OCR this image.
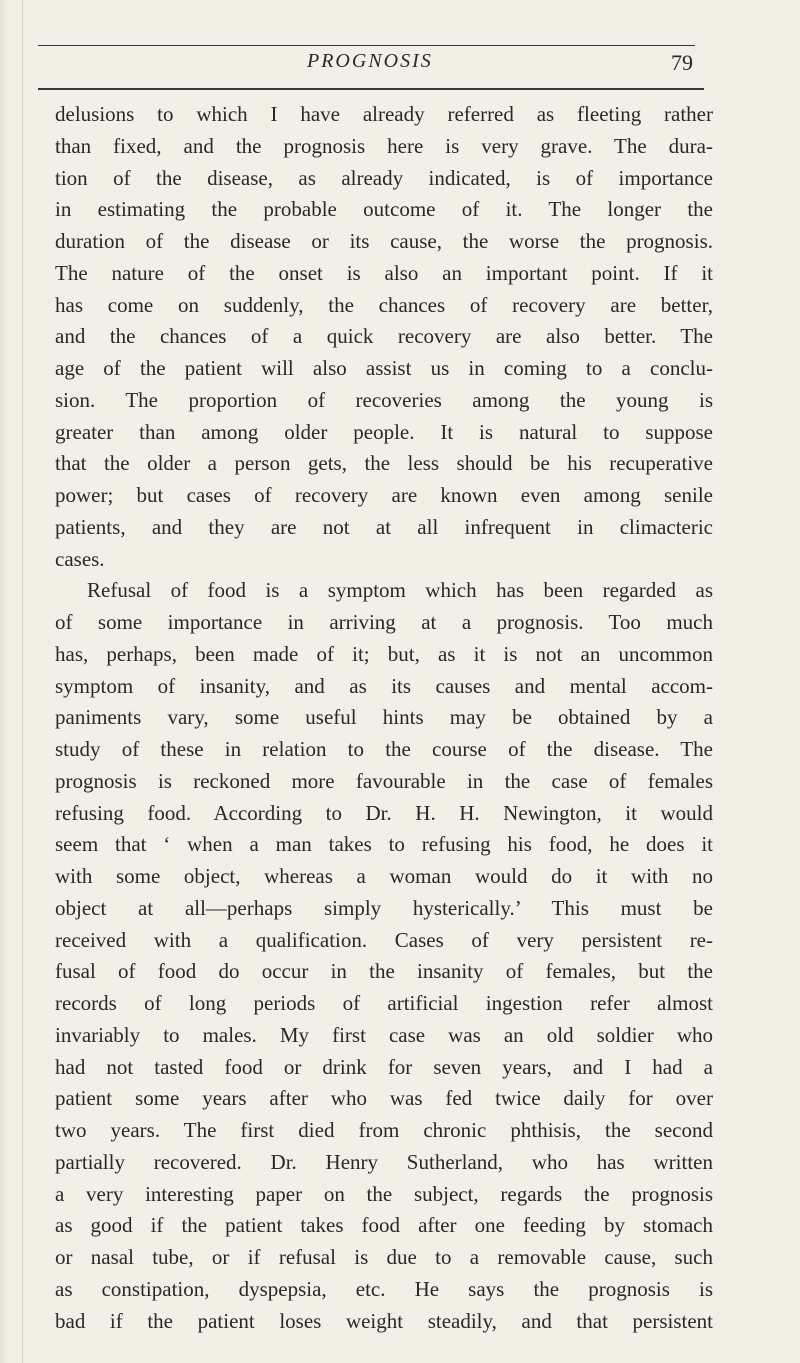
PROGNOSIS	79
delusions to which I have already referred as fleeting rather
than fixed, and the prognosis here is very grave. The dura-
tion of the disease, as already indicated, is of importance
in estimating the probable outcome of it. The longer the
duration of the disease or its cause, the worse the prognosis.
The nature of the onset is also an important point. If it
has come on suddenly, the chances of recovery are better,
and the chances of a quick recovery are also better. The
age of the patient will also assist us in coming to a conclu-
sion. The proportion of recoveries among the young is
greater than among older people. It is natural to suppose
that the older a person gets, the less should be his recuperative
power; but cases of recovery are known even among senile
patients, and they are not at all infrequent in climacteric
cases.
Refusal of food is a symptom which has been regarded as
of some importance in arriving at a prognosis. Too much
has, perhaps, been made of it; but, as it is not an uncommon
symptom of insanity, and as its causes and mental accom-
paniments vary, some useful hints may be obtained by a
study of these in relation to the course of the disease. The
prognosis is reckoned more favourable in the case of females
refusing food. According to Dr. H. H. Newington, it would
seem that ‘ when a man takes to refusing his food, he does it
with some object, whereas a woman would do it with no
object at all—perhaps simply hysterically.’ This must be
received with a qualification. Cases of very persistent re-
fusal of food do occur in the insanity of females, but the
records of long periods of artificial ingestion refer almost
invariably to males. My first case was an old soldier who
had not tasted food or drink for seven years, and I had a
patient some years after who was fed twice daily for over
two years. The first died from chronic phthisis, the second
partially recovered. Dr. Henry Sutherland, who has written
a very interesting paper on the subject, regards the prognosis
as good if the patient takes food after one feeding by stomach
or nasal tube, or if refusal is due to a removable cause, such
as constipation, dyspepsia, etc. He says the prognosis is
bad if the patient loses weight steadily, and that persistent
